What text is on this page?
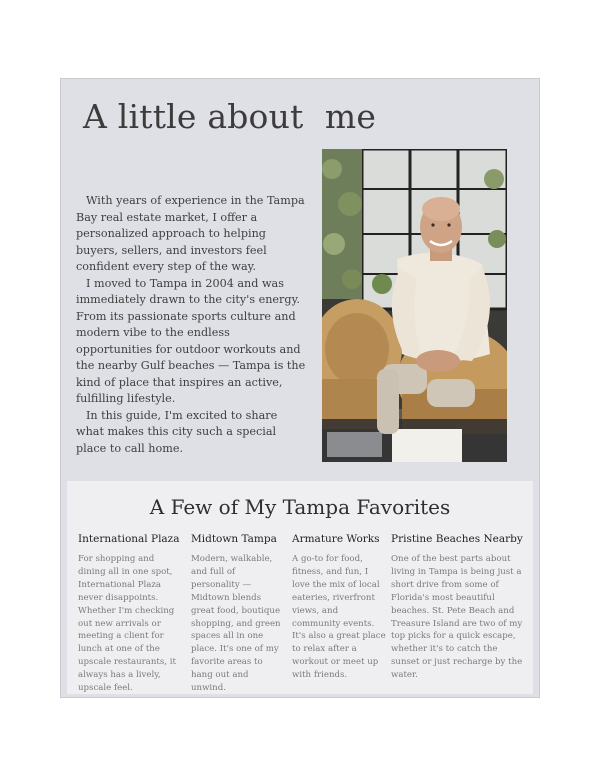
A little about  me

With years of experience in the Tampa Bay real estate market, I offer a personalized approach to helping buyers, sellers, and investors feel confident every step of the way.

I moved to Tampa in 2004 and was immediately drawn to the city's energy. From its passionate sports culture and modern vibe to the endless opportunities for outdoor workouts and the nearby Gulf beaches — Tampa is the kind of place that inspires an active, fulfilling lifestyle.

In this guide, I'm excited to share what makes this city such a special place to call home.

A Few of My Tampa Favorites
International Plaza

For shopping and dining all in one spot, International Plaza never disappoints. Whether I'm checking out new arrivals or meeting a client for lunch at one of the upscale restaurants, it always has a lively, upscale feel.

Midtown Tampa

Modern, walkable, and full of personality — Midtown blends great food, boutique shopping, and green spaces all in one place. It's one of my favorite areas to hang out and unwind.

Armature Works

A go-to for food, fitness, and fun, I love the mix of local eateries, riverfront views, and community events. It's also a great place to relax after a workout or meet up with friends.

Pristine Beaches Nearby

One of the best parts about living in Tampa is being just a short drive from some of Florida's most beautiful beaches. St. Pete Beach and Treasure Island are two of my top picks for a quick escape, whether it's to catch the sunset or just recharge by the water.
